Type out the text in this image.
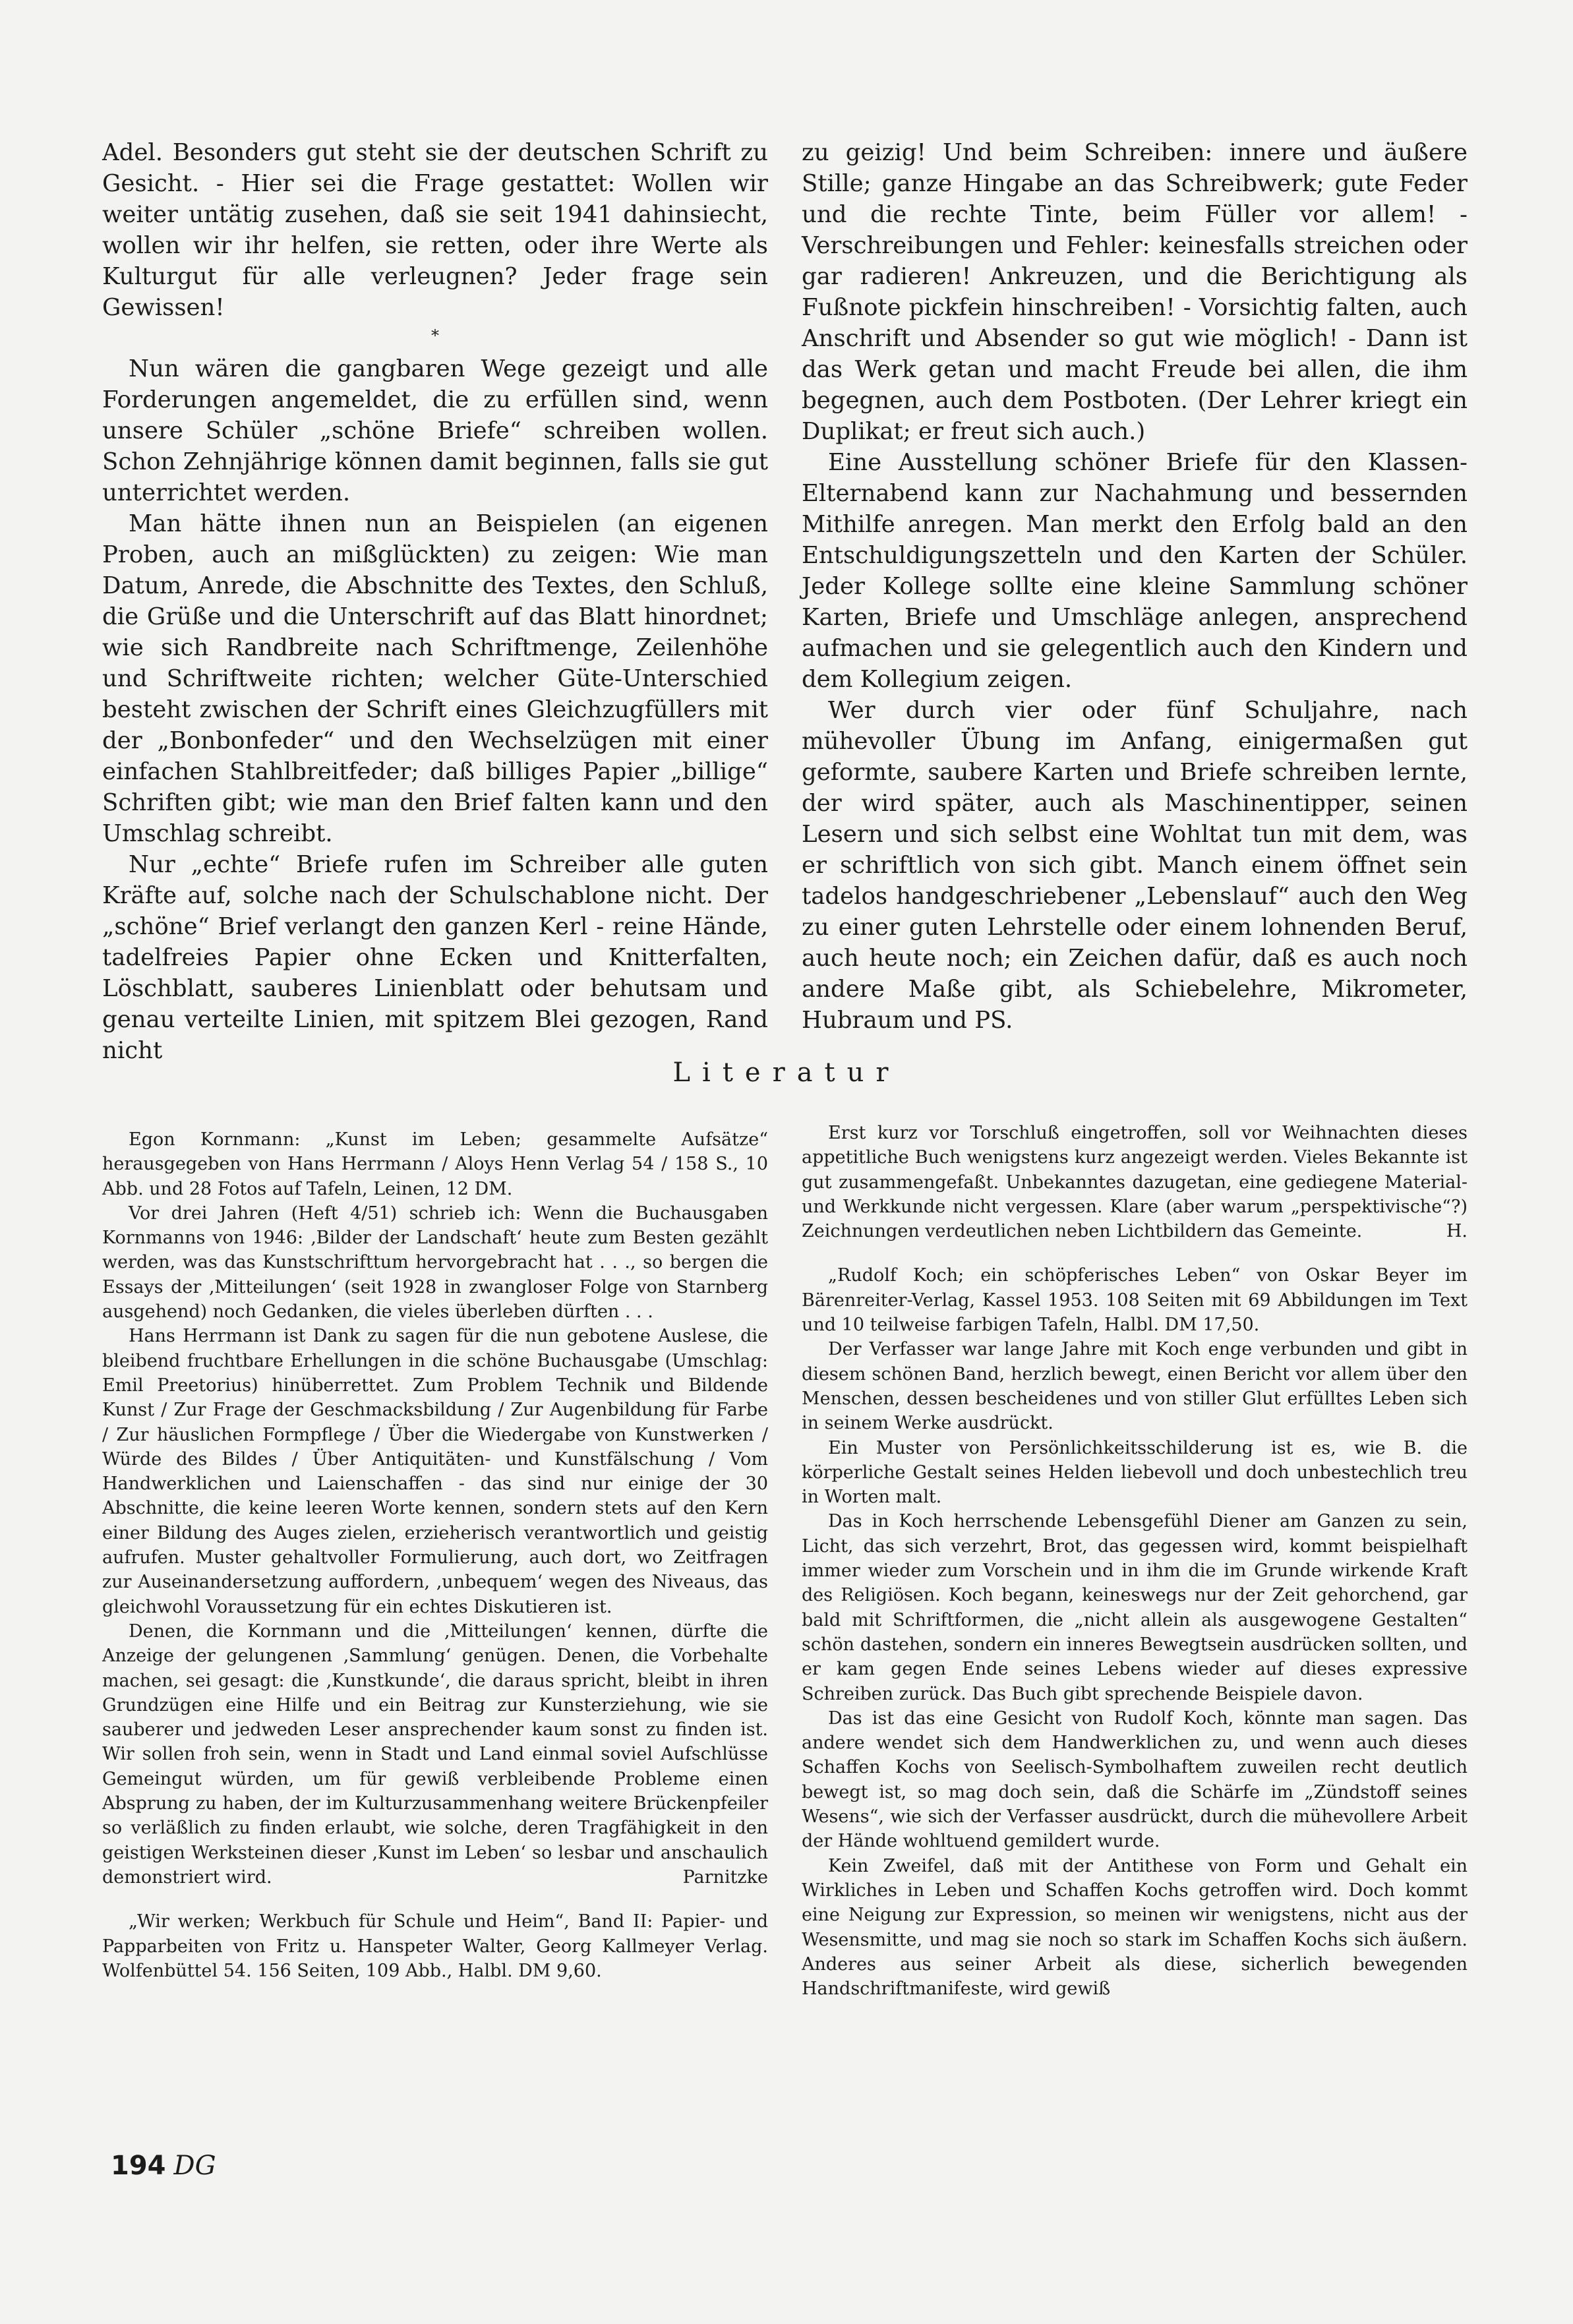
Adel. Besonders gut steht sie der deutschen Schrift zu Gesicht. - Hier sei die Frage gestattet: Wollen wir weiter untätig zusehen, daß sie seit 1941 dahinsiecht, wollen wir ihr helfen, sie retten, oder ihre Werte als Kulturgut für alle verleugnen? Jeder frage sein Gewissen!

*

Nun wären die gangbaren Wege gezeigt und alle Forderungen angemeldet, die zu erfüllen sind, wenn unsere Schüler „schöne Briefe“ schreiben wollen. Schon Zehnjährige können damit beginnen, falls sie gut unterrichtet werden.

Man hätte ihnen nun an Beispielen (an eigenen Proben, auch an mißglückten) zu zeigen: Wie man Datum, Anrede, die Abschnitte des Textes, den Schluß, die Grüße und die Unterschrift auf das Blatt hinordnet; wie sich Randbreite nach Schriftmenge, Zeilenhöhe und Schriftweite richten; welcher Güte-Unterschied besteht zwischen der Schrift eines Gleichzugfüllers mit der „Bonbonfeder“ und den Wechselzügen mit einer einfachen Stahlbreitfeder; daß billiges Papier „billige“ Schriften gibt; wie man den Brief falten kann und den Umschlag schreibt.

Nur „echte“ Briefe rufen im Schreiber alle guten Kräfte auf, solche nach der Schulschablone nicht. Der „schöne“ Brief verlangt den ganzen Kerl - reine Hände, tadelfreies Papier ohne Ecken und Knitterfalten, Löschblatt, sauberes Linienblatt oder behutsam und genau verteilte Linien, mit spitzem Blei gezogen, Rand nicht

zu geizig! Und beim Schreiben: innere und äußere Stille; ganze Hingabe an das Schreibwerk; gute Feder und die rechte Tinte, beim Füller vor allem! - Verschreibungen und Fehler: keinesfalls streichen oder gar radieren! Ankreuzen, und die Berichtigung als Fußnote pickfein hinschreiben! - Vorsichtig falten, auch Anschrift und Absender so gut wie möglich! - Dann ist das Werk getan und macht Freude bei allen, die ihm begegnen, auch dem Postboten. (Der Lehrer kriegt ein Duplikat; er freut sich auch.)

Eine Ausstellung schöner Briefe für den Klassen-Elternabend kann zur Nachahmung und bessernden Mithilfe anregen. Man merkt den Erfolg bald an den Entschuldigungszetteln und den Karten der Schüler. Jeder Kollege sollte eine kleine Sammlung schöner Karten, Briefe und Umschläge anlegen, ansprechend aufmachen und sie gelegentlich auch den Kindern und dem Kollegium zeigen.

Wer durch vier oder fünf Schuljahre, nach mühevoller Übung im Anfang, einigermaßen gut geformte, saubere Karten und Briefe schreiben lernte, der wird später, auch als Maschinentipper, seinen Lesern und sich selbst eine Wohltat tun mit dem, was er schriftlich von sich gibt. Manch einem öffnet sein tadelos handgeschriebener „Lebenslauf“ auch den Weg zu einer guten Lehrstelle oder einem lohnenden Beruf, auch heute noch; ein Zeichen dafür, daß es auch noch andere Maße gibt, als Schiebelehre, Mikrometer, Hubraum und PS.

Literatur

Egon Kornmann: „Kunst im Leben; gesammelte Aufsätze“ herausgegeben von Hans Herrmann / Aloys Henn Verlag 54 / 158 S., 10 Abb. und 28 Fotos auf Tafeln, Leinen, 12 DM.

Vor drei Jahren (Heft 4/51) schrieb ich: Wenn die Buchausgaben Kornmanns von 1946: ‚Bilder der Landschaft‘ heute zum Besten gezählt werden, was das Kunstschrifttum hervorgebracht hat . . ., so bergen die Essays der ‚Mitteilungen‘ (seit 1928 in zwangloser Folge von Starnberg ausgehend) noch Gedanken, die vieles überleben dürften . . .

Hans Herrmann ist Dank zu sagen für die nun gebotene Auslese, die bleibend fruchtbare Erhellungen in die schöne Buchausgabe (Umschlag: Emil Preetorius) hinüberrettet. Zum Problem Technik und Bildende Kunst / Zur Frage der Geschmacksbildung / Zur Augenbildung für Farbe / Zur häuslichen Formpflege / Über die Wiedergabe von Kunstwerken / Würde des Bildes / Über Antiquitäten- und Kunstfälschung / Vom Handwerklichen und Laienschaffen - das sind nur einige der 30 Abschnitte, die keine leeren Worte kennen, sondern stets auf den Kern einer Bildung des Auges zielen, erzieherisch verantwortlich und geistig aufrufen. Muster gehaltvoller Formulierung, auch dort, wo Zeitfragen zur Auseinandersetzung auffordern, ‚unbequem‘ wegen des Niveaus, das gleichwohl Voraussetzung für ein echtes Diskutieren ist.

Denen, die Kornmann und die ‚Mitteilungen‘ kennen, dürfte die Anzeige der gelungenen ‚Sammlung‘ genügen. Denen, die Vorbehalte machen, sei gesagt: die ‚Kunstkunde‘, die daraus spricht, bleibt in ihren Grundzügen eine Hilfe und ein Beitrag zur Kunsterziehung, wie sie sauberer und jedweden Leser ansprechender kaum sonst zu finden ist. Wir sollen froh sein, wenn in Stadt und Land einmal soviel Aufschlüsse Gemeingut würden, um für gewiß verbleibende Probleme einen Absprung zu haben, der im Kulturzusammenhang weitere Brückenpfeiler so verläßlich zu finden erlaubt, wie solche, deren Tragfähigkeit in den geistigen Werksteinen dieser ‚Kunst im Leben‘ so lesbar und anschaulich demonstriert wird.	Parnitzke

„Wir werken; Werkbuch für Schule und Heim“, Band II: Papier- und Papparbeiten von Fritz u. Hanspeter Walter, Georg Kallmeyer Verlag. Wolfenbüttel 54. 156 Seiten, 109 Abb., Halbl. DM 9,60.

Erst kurz vor Torschluß eingetroffen, soll vor Weihnachten dieses appetitliche Buch wenigstens kurz angezeigt werden. Vieles Bekannte ist gut zusammengefaßt. Unbekanntes dazugetan, eine gediegene Material- und Werkkunde nicht vergessen. Klare (aber warum „perspektivische“?) Zeichnungen verdeutlichen neben Lichtbildern das Gemeinte.	H.

„Rudolf Koch; ein schöpferisches Leben“ von Oskar Beyer im Bärenreiter-Verlag, Kassel 1953. 108 Seiten mit 69 Abbildungen im Text und 10 teilweise farbigen Tafeln, Halbl. DM 17,50.

Der Verfasser war lange Jahre mit Koch enge verbunden und gibt in diesem schönen Band, herzlich bewegt, einen Bericht vor allem über den Menschen, dessen bescheidenes und von stiller Glut erfülltes Leben sich in seinem Werke ausdrückt.

Ein Muster von Persönlichkeitsschilderung ist es, wie B. die körperliche Gestalt seines Helden liebevoll und doch unbestechlich treu in Worten malt.

Das in Koch herrschende Lebensgefühl Diener am Ganzen zu sein, Licht, das sich verzehrt, Brot, das gegessen wird, kommt beispielhaft immer wieder zum Vorschein und in ihm die im Grunde wirkende Kraft des Religiösen. Koch begann, keineswegs nur der Zeit gehorchend, gar bald mit Schriftformen, die „nicht allein als ausgewogene Gestalten“ schön dastehen, sondern ein inneres Bewegtsein ausdrücken sollten, und er kam gegen Ende seines Lebens wieder auf dieses expressive Schreiben zurück. Das Buch gibt sprechende Beispiele davon.

Das ist das eine Gesicht von Rudolf Koch, könnte man sagen. Das andere wendet sich dem Handwerklichen zu, und wenn auch dieses Schaffen Kochs von Seelisch-Symbolhaftem zuweilen recht deutlich bewegt ist, so mag doch sein, daß die Schärfe im „Zündstoff seines Wesens“, wie sich der Verfasser ausdrückt, durch die mühevollere Arbeit der Hände wohltuend gemildert wurde.

Kein Zweifel, daß mit der Antithese von Form und Gehalt ein Wirkliches in Leben und Schaffen Kochs getroffen wird. Doch kommt eine Neigung zur Expression, so meinen wir wenigstens, nicht aus der Wesensmitte, und mag sie noch so stark im Schaffen Kochs sich äußern. Anderes aus seiner Arbeit als diese, sicherlich bewegenden Handschriftmanifeste, wird gewiß

194 DG
